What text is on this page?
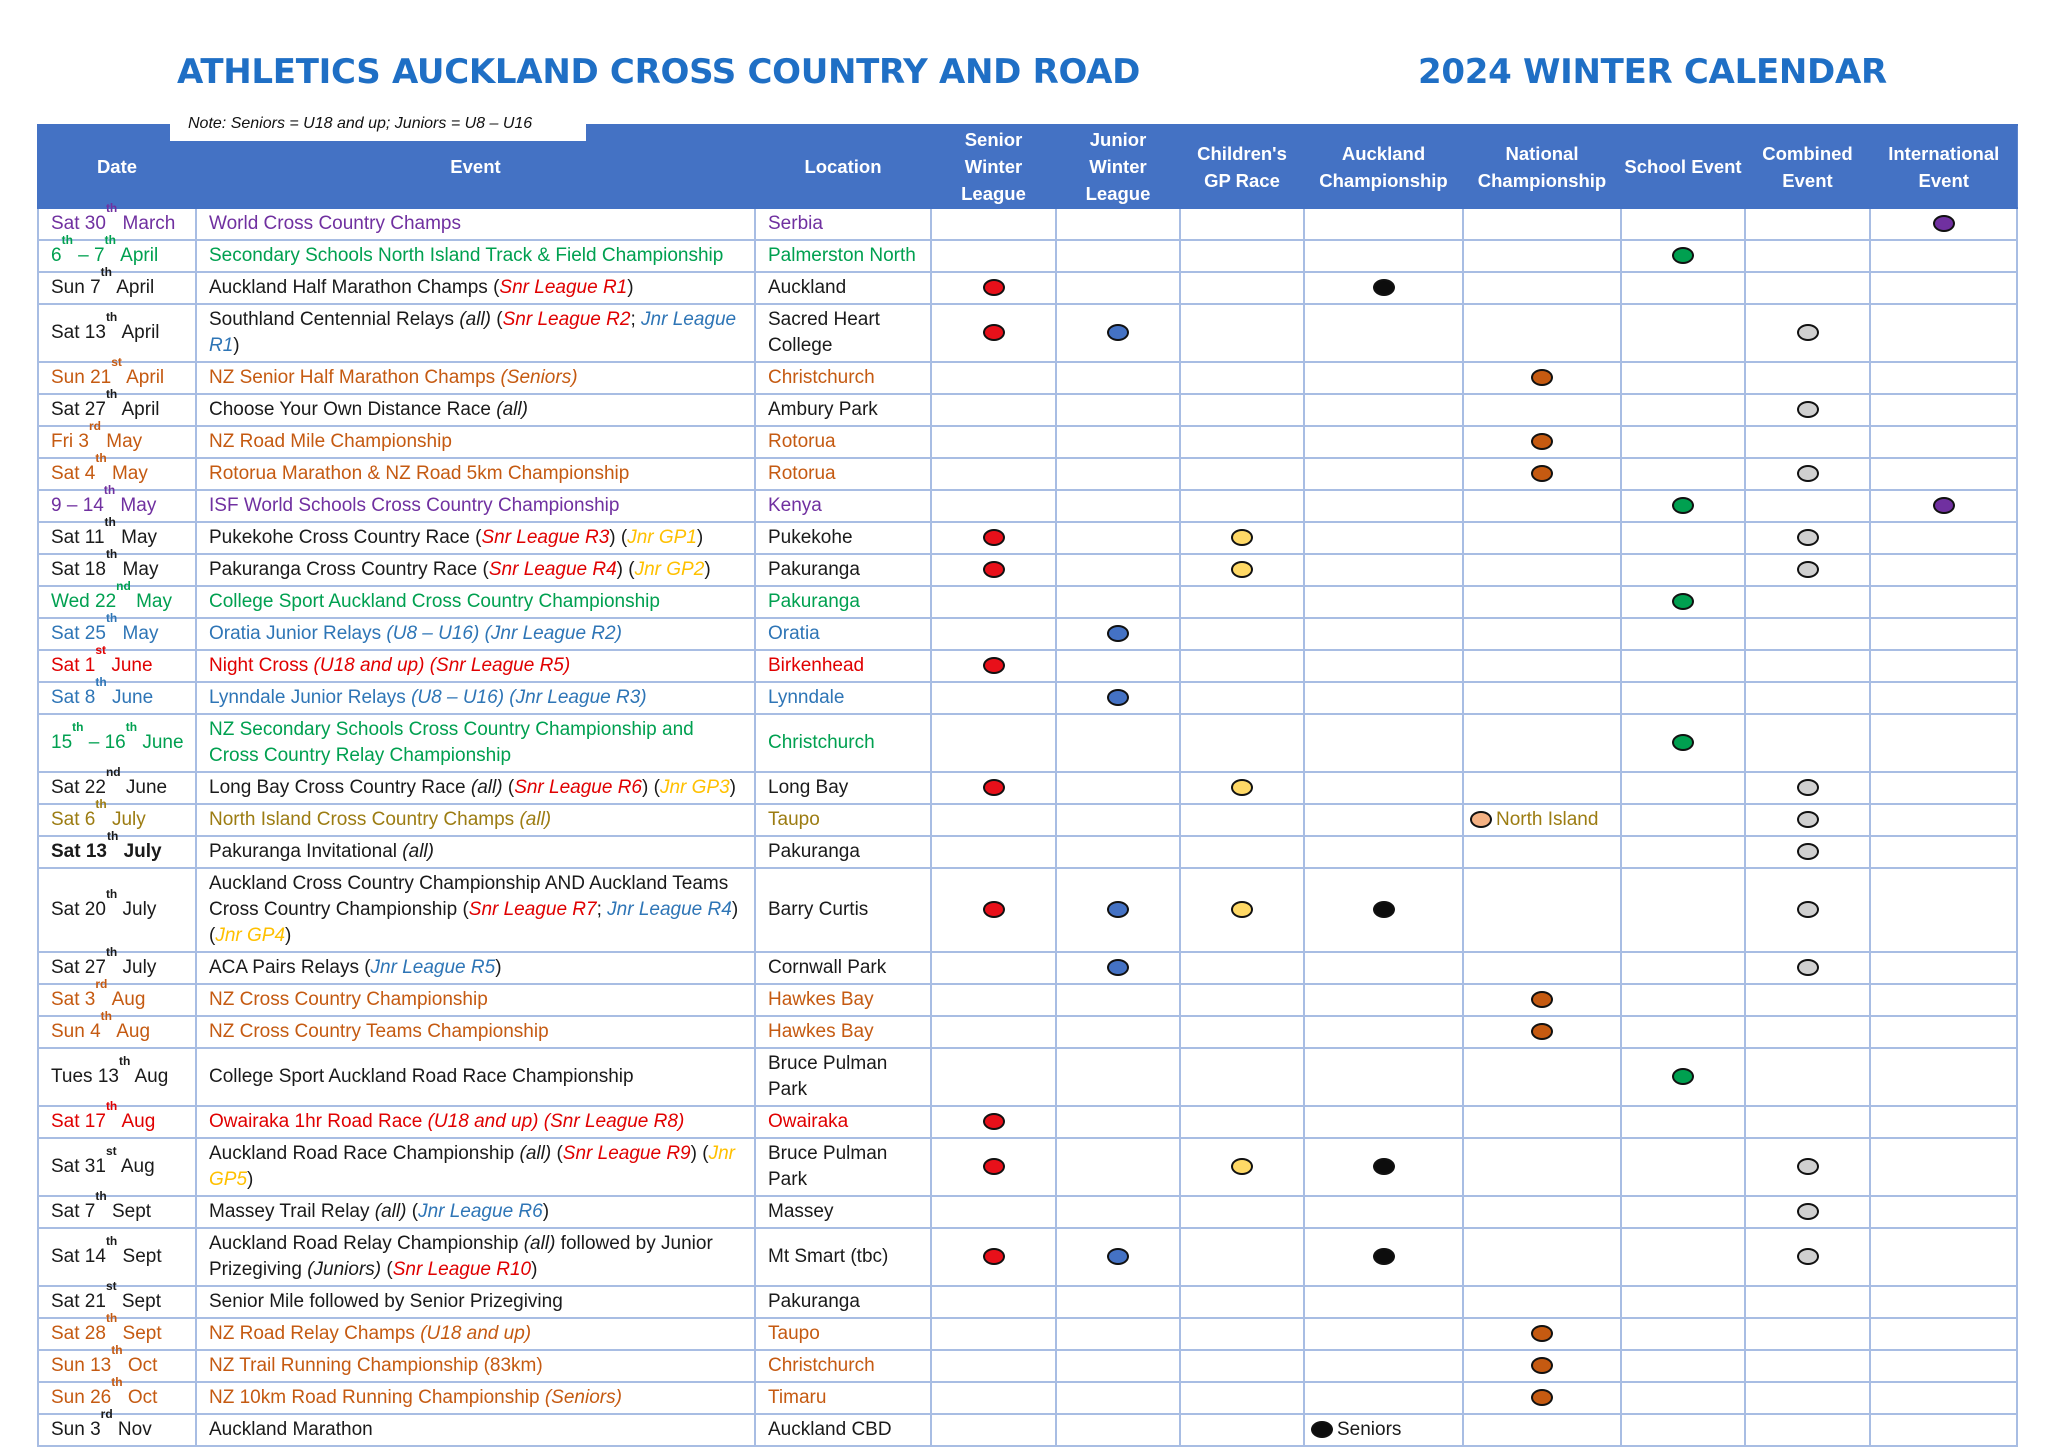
ATHLETICS AUCKLAND CROSS COUNTRY AND ROAD	2024 WINTER CALENDAR
Note: Seniors = U18 and up; Juniors = U8 – U16
Date	Event	Location	Senior Winter League	Junior Winter League	Children's GP Race	Auckland Championship	National Championship	School Event	Combined Event	International Event
Sat 30th March	World Cross Country Champs	Serbia								
6th – 7th April	Secondary Schools North Island Track & Field Championship	Palmerston North								
Sun 7th April	Auckland Half Marathon Champs (Snr League R1)	Auckland								
Sat 13th April	Southland Centennial Relays (all) (Snr League R2; Jnr League R1)	Sacred Heart College								
Sun 21st April	NZ Senior Half Marathon Champs (Seniors)	Christchurch								
Sat 27th April	Choose Your Own Distance Race (all)	Ambury Park								
Fri 3rd May	NZ Road Mile Championship	Rotorua								
Sat 4th May	Rotorua Marathon & NZ Road 5km Championship	Rotorua								
9 – 14th May	ISF World Schools Cross Country Championship	Kenya								
Sat 11th May	Pukekohe Cross Country Race (Snr League R3) (Jnr GP1)	Pukekohe								
Sat 18th May	Pakuranga Cross Country Race (Snr League R4) (Jnr GP2)	Pakuranga								
Wed 22nd May	College Sport Auckland Cross Country Championship	Pakuranga								
Sat 25th May	Oratia Junior Relays (U8 – U16) (Jnr League R2)	Oratia								
Sat 1st June	Night Cross (U18 and up) (Snr League R5)	Birkenhead								
Sat 8th June	Lynndale Junior Relays (U8 – U16) (Jnr League R3)	Lynndale								
15th – 16th June	NZ Secondary Schools Cross Country Championship and Cross Country Relay Championship	Christchurch								
Sat 22nd June	Long Bay Cross Country Race (all) (Snr League R6) (Jnr GP3)	Long Bay								
Sat 6th July	North Island Cross Country Champs (all)	Taupo					North Island			
Sat 13th July	Pakuranga Invitational (all)	Pakuranga								
Sat 20th July	Auckland Cross Country Championship AND Auckland Teams Cross Country Championship (Snr League R7; Jnr League R4) (Jnr GP4)	Barry Curtis								
Sat 27th July	ACA Pairs Relays (Jnr League R5)	Cornwall Park								
Sat 3rd Aug	NZ Cross Country Championship	Hawkes Bay								
Sun 4th Aug	NZ Cross Country Teams Championship	Hawkes Bay								
Tues 13th Aug	College Sport Auckland Road Race Championship	Bruce Pulman Park								
Sat 17th Aug	Owairaka 1hr Road Race (U18 and up) (Snr League R8)	Owairaka								
Sat 31st Aug	Auckland Road Race Championship (all) (Snr League R9) (Jnr GP5)	Bruce Pulman Park								
Sat 7th Sept	Massey Trail Relay (all) (Jnr League R6)	Massey								
Sat 14th Sept	Auckland Road Relay Championship (all) followed by Junior Prizegiving (Juniors) (Snr League R10)	Mt Smart (tbc)								
Sat 21st Sept	Senior Mile followed by Senior Prizegiving	Pakuranga								
Sat 28th Sept	NZ Road Relay Champs (U18 and up)	Taupo								
Sun 13th Oct	NZ Trail Running Championship (83km)	Christchurch								
Sun 26th Oct	NZ 10km Road Running Championship (Seniors)	Timaru								
Sun 3rd Nov	Auckland Marathon	Auckland CBD				Seniors				
